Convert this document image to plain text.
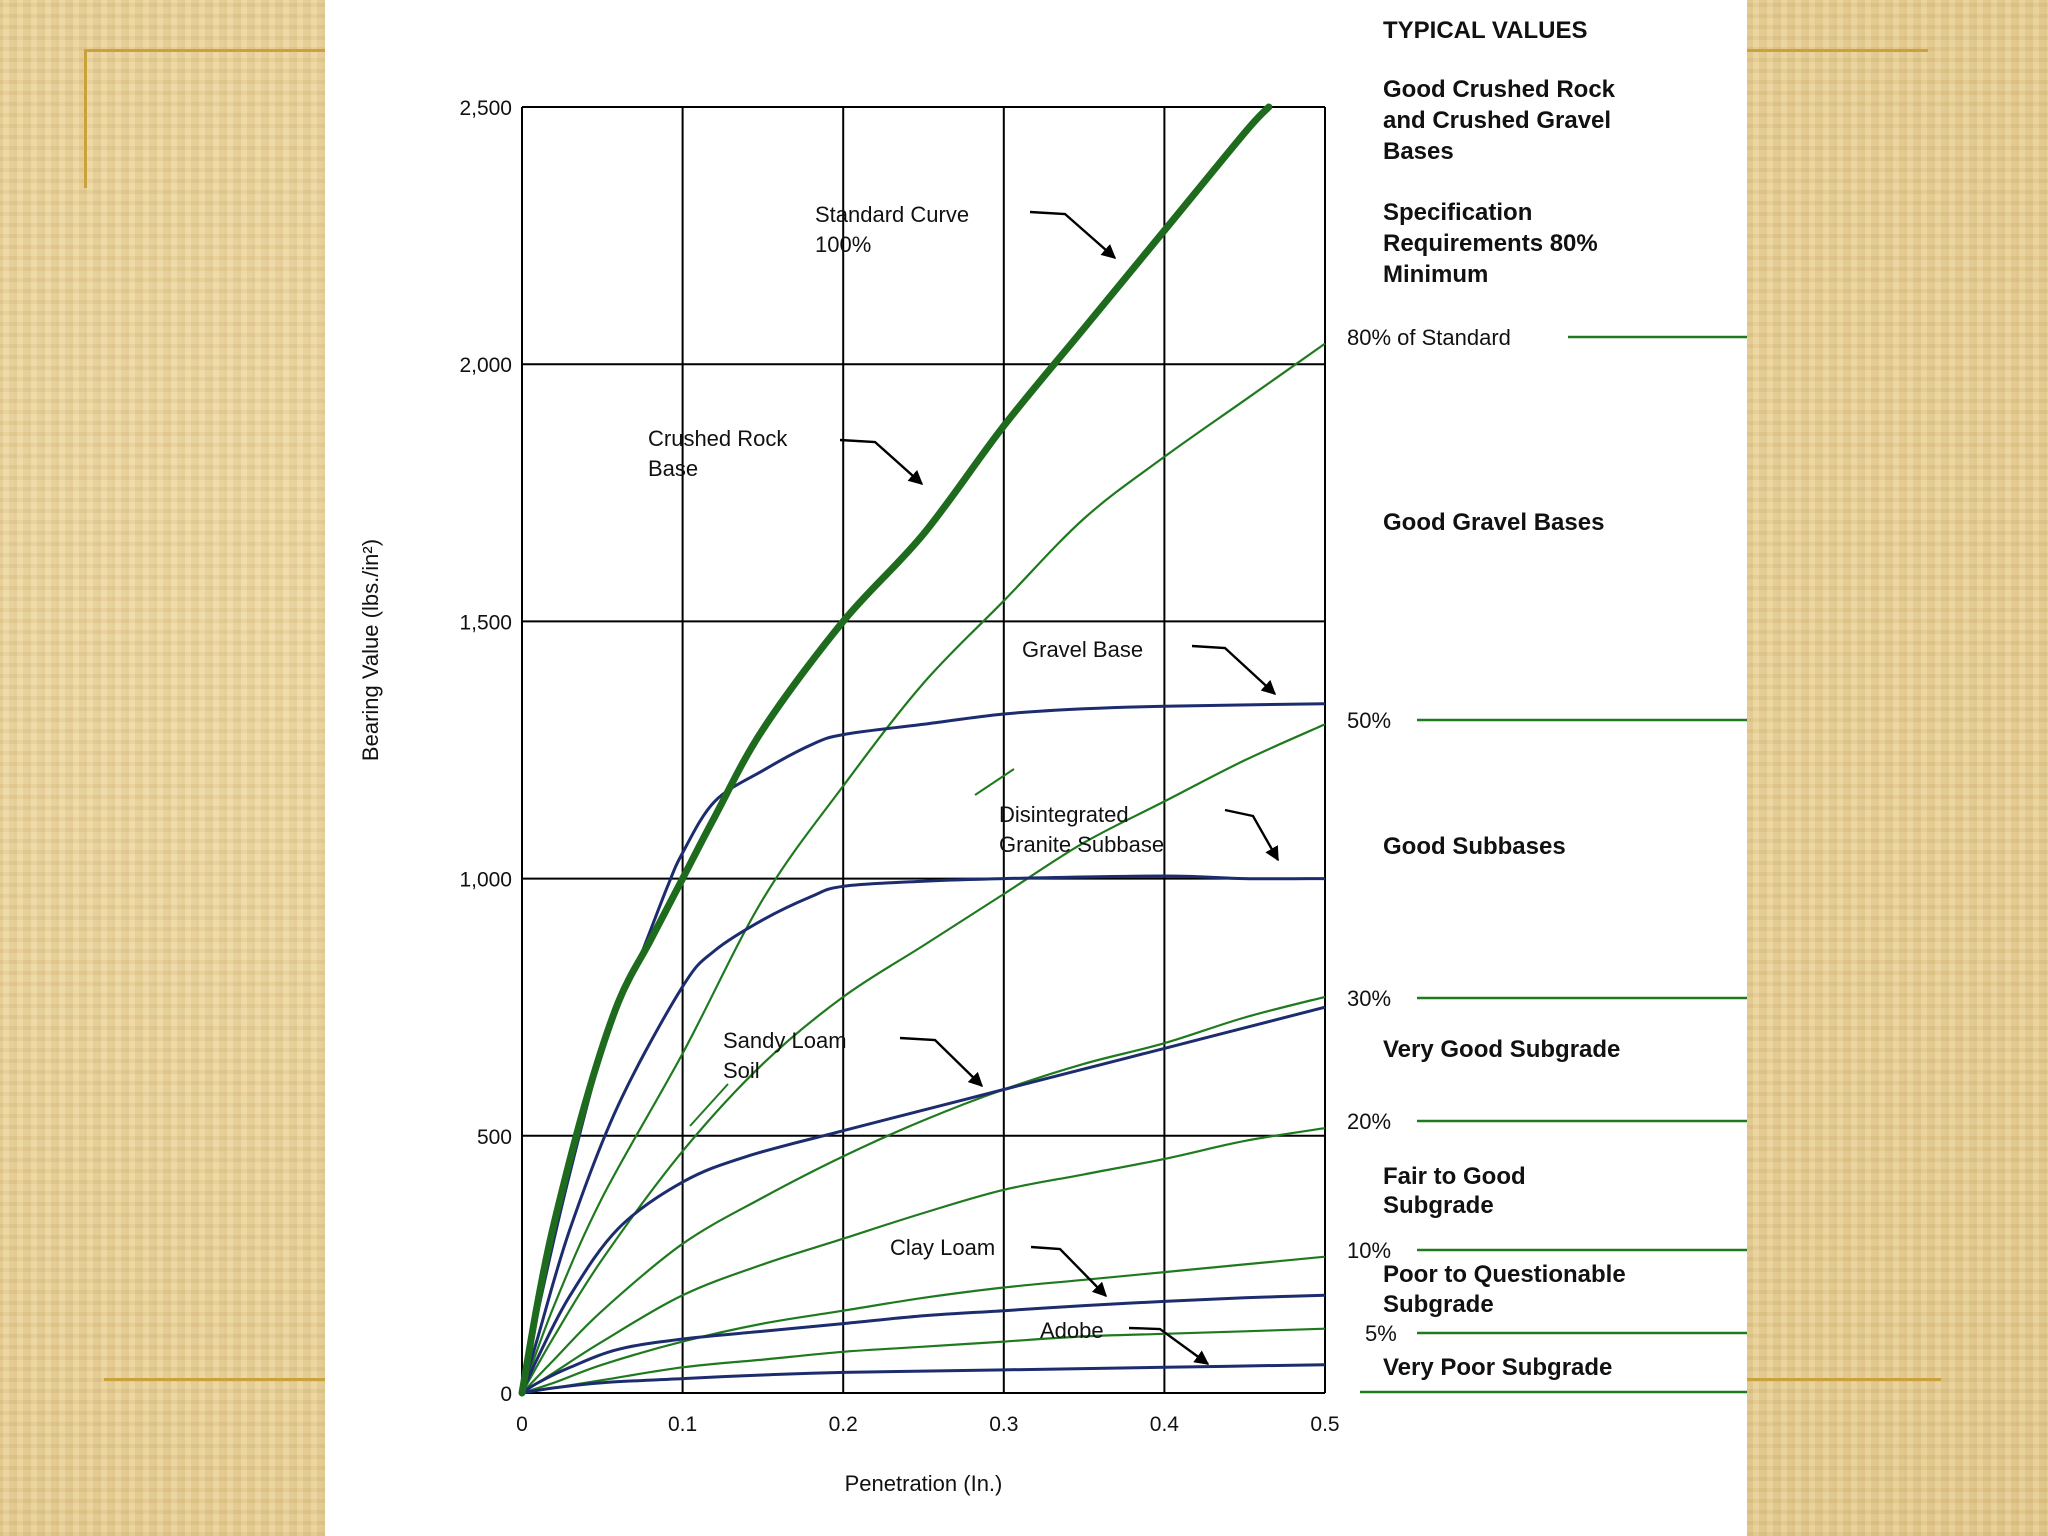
Standard Curve
100%
Crushed Rock
Base
Gravel Base
Disintegrated
Granite Subbase
Sandy Loam
Soil
Clay Loam
Adobe
0	0.1	0.2	0.3	0.4	0.5
0
500
1,000
1,500
2,000
2,500
Penetration (In.)
Bearing Value (lbs./in²)
80% of Standard
50%
30%
20%
10%
5%

TYPICAL VALUES

Good Crushed Rock

and Crushed Gravel

Bases

Specification

Requirements 80%

Minimum

Good Gravel Bases

Good Subbases

Very Good Subgrade

Fair to Good

Subgrade

Poor to Questionable

Subgrade

Very Poor Subgrade
